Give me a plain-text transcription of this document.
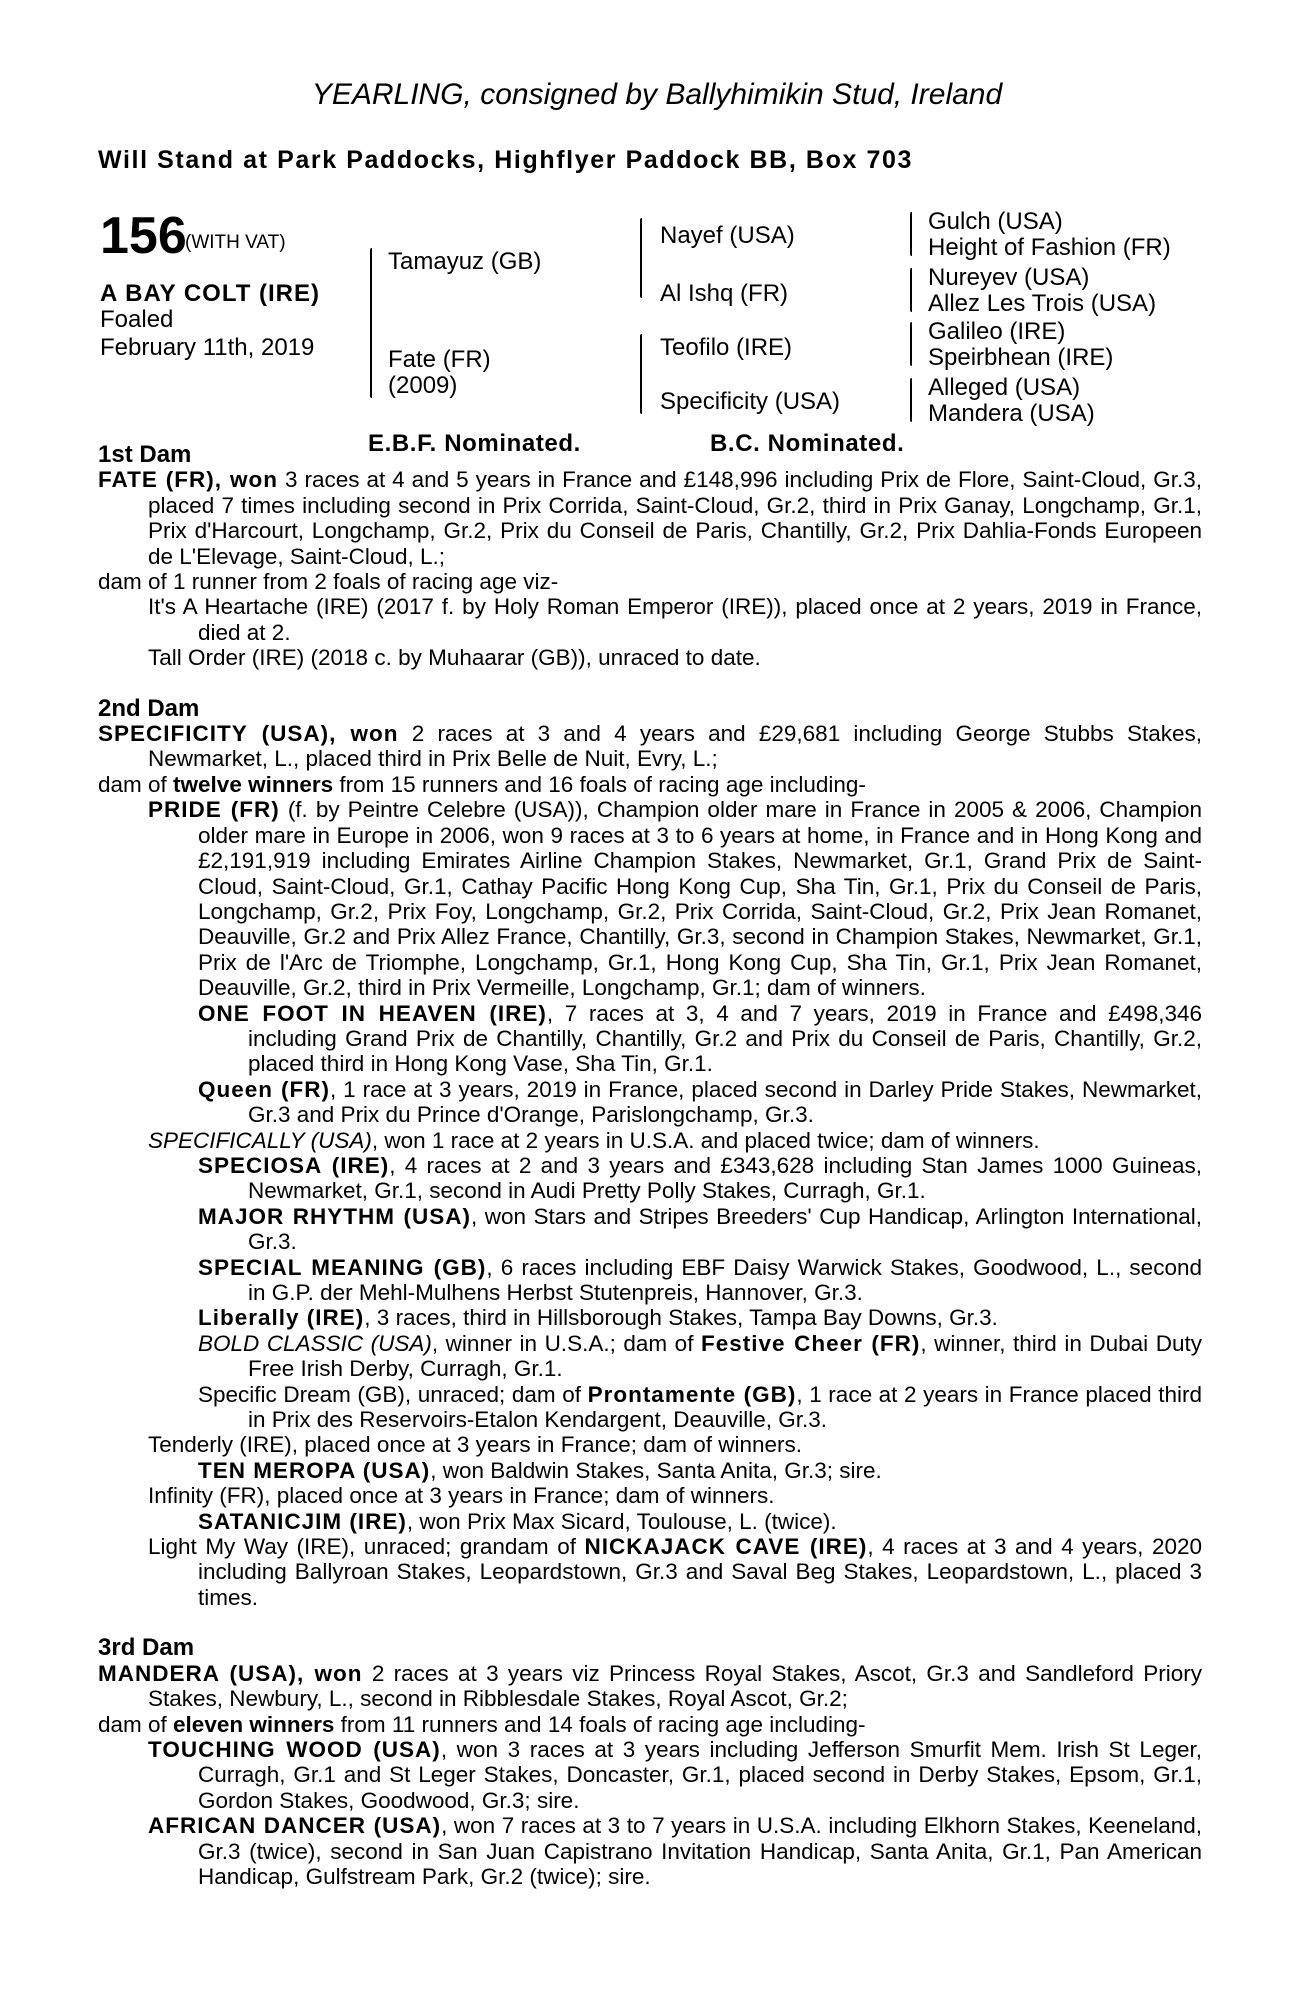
YEARLING, consigned by Ballyhimikin Stud, Ireland
Will Stand at Park Paddocks, Highflyer Paddock BB, Box 703
156
(WITH VAT)
A BAY COLT (IRE)
Foaled
February 11th, 2019
Tamayuz (GB)
Fate (FR)
(2009)
Nayef (USA)
Al Ishq (FR)
Teofilo (IRE)
Specificity (USA)
Gulch (USA)
Height of Fashion (FR)
Nureyev (USA)
Allez Les Trois (USA)
Galileo (IRE)
Speirbhean (IRE)
Alleged (USA)
Mandera (USA)
E.B.F. Nominated.	B.C. Nominated.

1st Dam

FATE (FR), won 3 races at 4 and 5 years in France and £148,996 including Prix de Flore, Saint-Cloud, Gr.3, placed 7 times including second in Prix Corrida, Saint-Cloud, Gr.2, third in Prix Ganay, Longchamp, Gr.1, Prix d'Harcourt, Longchamp, Gr.2, Prix du Conseil de Paris, Chantilly, Gr.2, Prix Dahlia-Fonds Europeen de L'Elevage, Saint-Cloud, L.;

dam of 1 runner from 2 foals of racing age viz-

It's A Heartache (IRE) (2017 f. by Holy Roman Emperor (IRE)), placed once at 2 years, 2019 in France, died at 2.

Tall Order (IRE) (2018 c. by Muhaarar (GB)), unraced to date.

2nd Dam

SPECIFICITY (USA), won 2 races at 3 and 4 years and £29,681 including George Stubbs Stakes, Newmarket, L., placed third in Prix Belle de Nuit, Evry, L.;

dam of twelve winners from 15 runners and 16 foals of racing age including-

PRIDE (FR) (f. by Peintre Celebre (USA)), Champion older mare in France in 2005 & 2006, Champion older mare in Europe in 2006, won 9 races at 3 to 6 years at home, in France and in Hong Kong and £2,191,919 including Emirates Airline Champion Stakes, Newmarket, Gr.1, Grand Prix de Saint-Cloud, Saint-Cloud, Gr.1, Cathay Pacific Hong Kong Cup, Sha Tin, Gr.1, Prix du Conseil de Paris, Longchamp, Gr.2, Prix Foy, Longchamp, Gr.2, Prix Corrida, Saint-Cloud, Gr.2, Prix Jean Romanet, Deauville, Gr.2 and Prix Allez France, Chantilly, Gr.3, second in Champion Stakes, Newmarket, Gr.1, Prix de l'Arc de Triomphe, Longchamp, Gr.1, Hong Kong Cup, Sha Tin, Gr.1, Prix Jean Romanet, Deauville, Gr.2, third in Prix Vermeille, Longchamp, Gr.1; dam of winners.

ONE FOOT IN HEAVEN (IRE), 7 races at 3, 4 and 7 years, 2019 in France and £498,346 including Grand Prix de Chantilly, Chantilly, Gr.2 and Prix du Conseil de Paris, Chantilly, Gr.2, placed third in Hong Kong Vase, Sha Tin, Gr.1.

Queen (FR), 1 race at 3 years, 2019 in France, placed second in Darley Pride Stakes, Newmarket, Gr.3 and Prix du Prince d'Orange, Parislongchamp, Gr.3.

SPECIFICALLY (USA), won 1 race at 2 years in U.S.A. and placed twice; dam of winners.

SPECIOSA (IRE), 4 races at 2 and 3 years and £343,628 including Stan James 1000 Guineas, Newmarket, Gr.1, second in Audi Pretty Polly Stakes, Curragh, Gr.1.

MAJOR RHYTHM (USA), won Stars and Stripes Breeders' Cup Handicap, Arlington International, Gr.3.

SPECIAL MEANING (GB), 6 races including EBF Daisy Warwick Stakes, Goodwood, L., second in G.P. der Mehl-Mulhens Herbst Stutenpreis, Hannover, Gr.3.

Liberally (IRE), 3 races, third in Hillsborough Stakes, Tampa Bay Downs, Gr.3.

BOLD CLASSIC (USA), winner in U.S.A.; dam of Festive Cheer (FR), winner, third in Dubai Duty Free Irish Derby, Curragh, Gr.1.

Specific Dream (GB), unraced; dam of Prontamente (GB), 1 race at 2 years in France placed third in Prix des Reservoirs-Etalon Kendargent, Deauville, Gr.3.

Tenderly (IRE), placed once at 3 years in France; dam of winners.

TEN MEROPA (USA), won Baldwin Stakes, Santa Anita, Gr.3; sire.

Infinity (FR), placed once at 3 years in France; dam of winners.

SATANICJIM (IRE), won Prix Max Sicard, Toulouse, L. (twice).

Light My Way (IRE), unraced; grandam of NICKAJACK CAVE (IRE), 4 races at 3 and 4 years, 2020 including Ballyroan Stakes, Leopardstown, Gr.3 and Saval Beg Stakes, Leopardstown, L., placed 3 times.

3rd Dam

MANDERA (USA), won 2 races at 3 years viz Princess Royal Stakes, Ascot, Gr.3 and Sandleford Priory Stakes, Newbury, L., second in Ribblesdale Stakes, Royal Ascot, Gr.2;

dam of eleven winners from 11 runners and 14 foals of racing age including-

TOUCHING WOOD (USA), won 3 races at 3 years including Jefferson Smurfit Mem. Irish St Leger, Curragh, Gr.1 and St Leger Stakes, Doncaster, Gr.1, placed second in Derby Stakes, Epsom, Gr.1, Gordon Stakes, Goodwood, Gr.3; sire.

AFRICAN DANCER (USA), won 7 races at 3 to 7 years in U.S.A. including Elkhorn Stakes, Keeneland, Gr.3 (twice), second in San Juan Capistrano Invitation Handicap, Santa Anita, Gr.1, Pan American Handicap, Gulfstream Park, Gr.2 (twice); sire.
